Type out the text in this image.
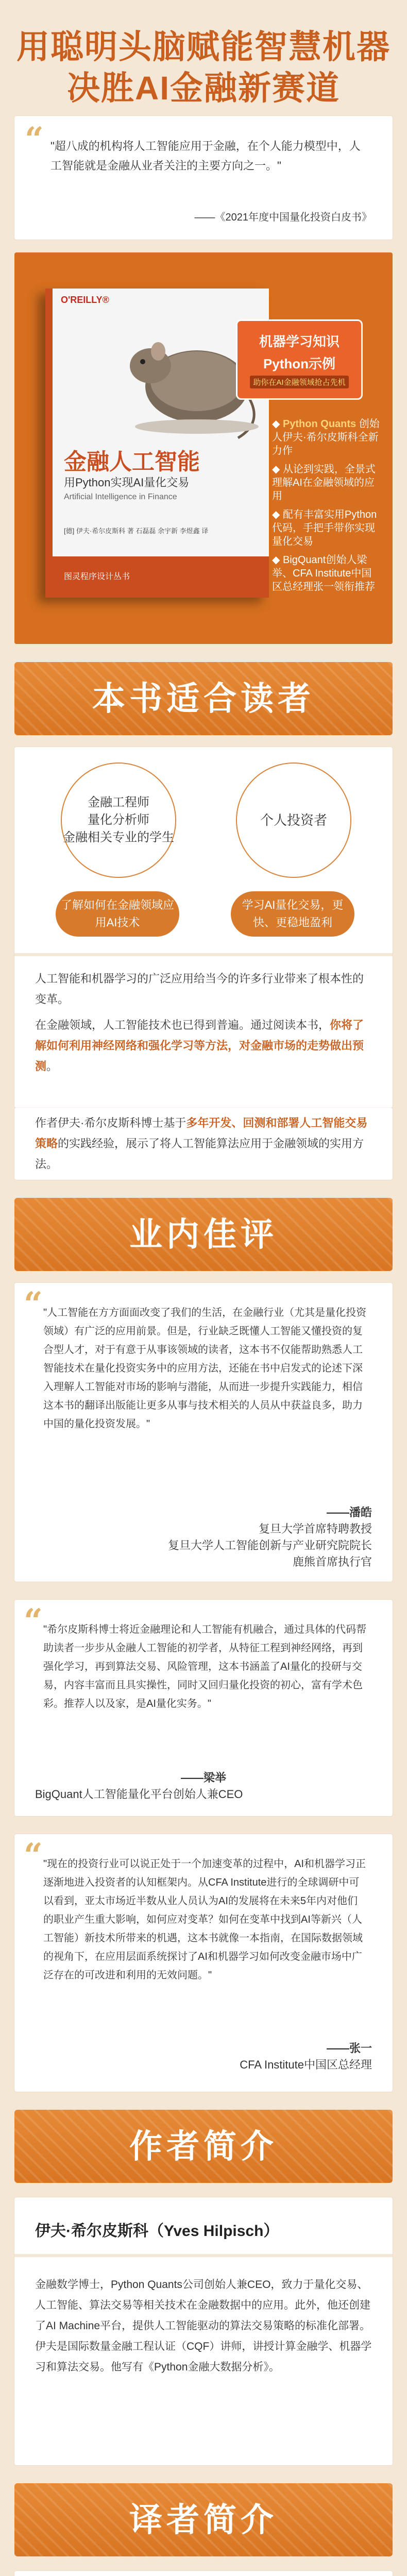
用聪明头脑赋能智慧机器
决胜AI金融新赛道
“ "超八成的机构将人工智能应用于金融，在个人能力模型中，人工智能就是金融从业者关注的主要方向之一。"
——《2021年度中国量化投资白皮书》
O'REILLY®
金融人工智能
用Python实现AI量化交易
Artificial Intelligence in Finance
[德] 伊夫·希尔皮斯科 著 石磊磊 余宇新 李煜鑫 译
图灵程序设计丛书
机器学习知识
Python示例
助你在AI金融领域抢占先机
◆ Python Quants 创始人伊夫·希尔皮斯科全新力作
◆ 从论到实践，全景式理解AI在金融领域的应用
◆ 配有丰富实用Python代码，手把手带你实现量化交易
◆ BigQuant创始人梁举、CFA Institute中国区总经理张一领衔推荐
本书适合读者
金融工程师
量化分析师
金融相关专业的学生
个人投资者
了解如何在金融领域应用AI技术
学习AI量化交易，更快、更稳地盈利
人工智能和机器学习的广泛应用给当今的许多行业带来了根本性的变革。
在金融领域，人工智能技术也已得到普遍。通过阅读本书，你将了解如何利用神经网络和强化学习等方法，对金融市场的走势做出预测。
作者伊夫·希尔皮斯科博士基于多年开发、回测和部署人工智能交易策略的实践经验，展示了将人工智能算法应用于金融领域的实用方法。
业内佳评
“ "人工智能在方方面面改变了我们的生活，在金融行业（尤其是量化投资领域）有广泛的应用前景。但是，行业缺乏既懂人工智能又懂投资的复合型人才，对于有意于从事该领域的读者，这本书不仅能帮助熟悉人工智能技术在量化投资实务中的应用方法，还能在书中启发式的论述下深入理解人工智能对市场的影响与潜能，从而进一步提升实践能力，相信这本书的翻译出版能让更多从事与技术相关的人员从中获益良多，助力中国的量化投资发展。"
——潘皓
复旦大学首席特聘教授
复旦大学人工智能创新与产业研究院院长
鹿熊首席执行官
“ "希尔皮斯科博士将近金融理论和人工智能有机融合，通过具体的代码帮助读者一步步从金融人工智能的初学者，从特征工程到神经网络，再到强化学习，再到算法交易、风险管理，这本书涵盖了AI量化的投研与交易，内容丰富而且具实操性，同时又回归量化投资的初心，富有学术色彩。推荐人以及家，是AI量化实务。"
——梁举
BigQuant人工智能量化平台创始人兼CEO
“ "现在的投资行业可以说正处于一个加速变革的过程中，AI和机器学习正逐渐地进入投资者的认知框架内。从CFA Institute进行的全球调研中可以看到，亚太市场近半数从业人员认为AI的发展将在未来5年内对他们的职业产生重大影响，如何应对变革？如何在变革中找到AI等新兴（人工智能）新技术所带来的机遇，这本书就像一本指南，在国际数据领域的视角下，在应用层面系统探讨了AI和机器学习如何改变金融市场中广泛存在的可改进和利用的无效问题。"
——张一
CFA Institute中国区总经理
作者简介
伊夫·希尔皮斯科（Yves Hilpisch）
金融数学博士，Python Quants公司创始人兼CEO，致力于量化交易、人工智能、算法交易等相关技术在金融数据中的应用。此外，他还创建了AI Machine平台，提供人工智能驱动的算法交易策略的标准化部署。伊夫是国际数量金融工程认证（CQF）讲师，讲授计算金融学、机器学习和算法交易。他写有《Python金融大数据分析》。
译者简介
